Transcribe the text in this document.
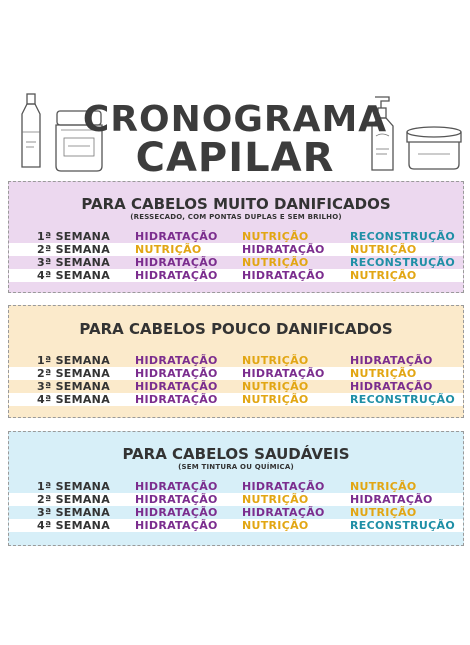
CRONOGRAMA
CAPILAR
PARA CABELOS MUITO DANIFICADOS
(RESSECADO, COM PONTAS DUPLAS E SEM BRILHO)
1ª SEMANA HIDRATAÇÃO NUTRIÇÃO	RECONSTRUÇÃO
2ª SEMANA NUTRIÇÃO	HIDRATAÇÃO NUTRIÇÃO
3ª SEMANA HIDRATAÇÃO NUTRIÇÃO	RECONSTRUÇÃO
4ª SEMANA HIDRATAÇÃO HIDRATAÇÃO NUTRIÇÃO
PARA CABELOS POUCO DANIFICADOS
1ª SEMANA HIDRATAÇÃO NUTRIÇÃO	HIDRATAÇÃO
2ª SEMANA HIDRATAÇÃO HIDRATAÇÃO NUTRIÇÃO
3ª SEMANA HIDRATAÇÃO NUTRIÇÃO	HIDRATAÇÃO
4ª SEMANA HIDRATAÇÃO NUTRIÇÃO	RECONSTRUÇÃO
PARA CABELOS SAUDÁVEIS
(SEM TINTURA OU QUÍMICA)
1ª SEMANA HIDRATAÇÃO HIDRATAÇÃO NUTRIÇÃO
2ª SEMANA HIDRATAÇÃO NUTRIÇÃO	HIDRATAÇÃO
3ª SEMANA HIDRATAÇÃO HIDRATAÇÃO NUTRIÇÃO
4ª SEMANA HIDRATAÇÃO NUTRIÇÃO	RECONSTRUÇÃO
